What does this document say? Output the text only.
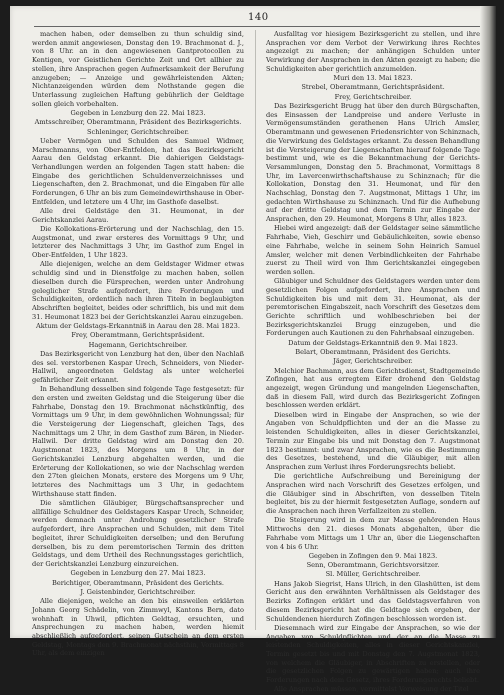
140

machen haben, oder demselben zu thun schuldig sind, werden anmit angewiesen, Donstag den 19. Brachmonat d. J., von 8 Uhr. an in den angewiesenen Gantprotocollen zu Kentigen, vor Geistlichen Gerichte Zeit und Ort allhier zu stellen, ihre Ansprachen gegen Aufmerksamkeit der Berufung anzugeben; — Anzeige und gewährleistenden Akten; Nichtanzeigenden würden dem Nothstande gegen die Unterlassung zugleichen Haftung gebührlich der Geldtage sollen gleich vorbehalten.

Gegeben in Lenzburg den 22. Mai 1823.

Amtsschreiber, Oberamtmann, Präsident des Bezirksgerichts.

Schleninger, Gerichtschreiber.

Ueber Vermögen und Schulden des Samuel Widmer, Marschmanns, von Ober-Entfelden, hat das Bezirksgericht Aarau den Geldstag erkannt. Die dahierigen Geldstags-Verhandlungen werden an folgenden Tagen statt haben: die Eingabe des gerichtlichen Schuldenverzeichnisses und Liegenschaften, den 2. Brachmonat, und die Eingaben für alle Forderungen, 6 Uhr an bis zum Gemeindewirthshause in Ober-Entfelden, und letztere um 4 Uhr, im Gasthofe daselbst.

Alle drei Geldstäge den 31. Heumonat, in der Gerichtskanzlei Aarau.

Die Kollokations-Erörterung und der Nachschlag, den 15. Augstmonat, und zwar ersteres des Vormittags 9 Uhr, und letzterer des Nachmittags 3 Uhr, im Gasthof zum Engel in Ober-Entfelden, 1 Uhr 1823.

Alle diejenigen, welche an dem Geldstager Widmer etwas schuldig sind und in Dienstfolge zu machen haben, sollen dieselben durch die Fürsprechen, werden unter Androhung geleglicher Strafe aufgefordert, ihre Forderungen und Schuldigkeiten, ordentlich nach ihren Titeln in beglaubigten Abschriften begleitet, beides oder schriftlich, bis und mit dem 31. Heumonat 1823 bei der Gerichtskanzlei Aarau einzugeben.

Aktum der Geldstags-Erkanntniß in Aarau den 28. Mai 1823.

Frey, Oberamtmann, Gerichtspräsident.

Hagemann, Gerichtschreiber.

Das Bezirksgericht von Lenzburg hat den, über den Nachlaß des sel. verstorbenen Kaspar Urech, Schneiders, von Nieder-Hallwil, angeordneten Geldstag als unter welcherlei gefährlicher Zeit erkannt.

In Behandlung desselben sind folgende Tage festgesetzt: für den ersten und zweiten Geldstag und die Steigerung über die Fahrhabe, Donstag den 19. Brachmonat nächstkünftig, des Vormittags um 9 Uhr, in dem gewöhnlichen Wohnungssal; für die Versteigerung der Liegenschaft, gleichen Tags, des Nachmittags um 2 Uhr, in dem Gasthof zum Bären, in Nieder-Hallwil. Der dritte Geldstag wird am Donstag den 20. Augstmonat 1823, des Morgens um 8 Uhr, in der Gerichtskanzlei Lenzburg abgehalten werden, und die Erörterung der Kollokationen, so wie der Nachschlag werden den 27ten gleichen Monats, erstere des Morgens um 9 Uhr, letzteres des Nachmittags um 3 Uhr, in gedachtem Wirthshause statt finden.

Die sämtlichen Gläubiger, Bürgschaftsansprecher und allfällige Schuldner des Geldstagers Kaspar Urech, Schneider, werden demnach unter Androhung gesetzlicher Strafe aufgefordert, ihre Ansprachen und Schulden, mit dem Titel begleitet, ihrer Schuldigkeiten derselben; und den Berufung derselben, bis zu dem peremtorischen Termin des dritten Geldstags, und dem Urtheil des Rechnungsstages gerichtlich, der Gerichtskanzlei Lenzburg einzureichen.

Gegeben in Lenzburg den 27. Mai 1823.

Berichtiger, Oberamtmann, Präsident des Gerichts.

J. Geistenbinder, Gerichtschreiber.

Alle diejenigen, welche an den bis einsweilen erklärten Johann Georg Schädelin, von Zimmwyl, Kantons Bern, dato wohnhaft in Uhwil, pflichten Geldtag, ersuchten, und Ansprechungen zu machen haben, werden hiemit abschließlich aufgefordert, seinen Gutschein an dem ersten Geldstag, Montags den 9. Brachmonat nächsthin, Vormittags 8 Uhr, als dem einzigen

Ausfalltag vor hiesigem Bezirksgericht zu stellen, und ihre Ansprachen vor dem Verbot der Verwirkung ihres Rechtes angezeigt zu machen; der anhängigen Schulden unter Verwirkung der Ansprachen in den Akten gezeigt zu haben; die Schuldigkeiten aber gerichtlich anzumelden.

Muri den 13. Mai 1823.

Strebel, Oberamtmann, Gerichtspräsident.

Frey, Gerichtschreiber.

Das Bezirksgericht Brugg hat über den durch Bürgschaften, des Einsassen der Landpreise und andere Verluste in Vermögensumständen gerathenen Hans Ulrich Amsler, Oberamtmann und gewesenen Friedensrichter von Schinznach, die Verwirkung des Geldstages erkannt. Zu dessen Behandlung ist die Versteigerung der Liegenschaften hierauf folgende Tage bestimmt und, wie es die Bekanntmachung der Gerichts-Versammlungen, Donstag den 5. Brachmonat, Vormittags 8 Uhr, im Lavercenwirthschaftshause zu Schinznach; für die Kollokation, Donstag den 31. Heumonat, und für den Nachschlag, Donstag den 7. Augstmonat, Mittags 1 Uhr, im gedachten Wirthshause zu Schinznach. Und für die Aufhebung auf der dritte Geldstag und dem Termin zur Eingabe der Ansprachen, den 29. Heumonat, Morgens 8 Uhr, alles 1823.

Hiebei wird angezeigt: daß der Geldstager seine sämmtliche Fahrhabe, Vieh, Geschirr und Gebäulichkeiten, sowie ebenso eine Fahrhabe, welche in seinem Sohn Heinrich Samuel Amsler, welcher mit denen Verbindlichkeiten der Fahrhabe zuerst zu Theil wird von Ihm Gerichtskanzlei eingegeben werden sollen.

Gläubiger und Schuldner des Geldstagers werden unter dem gesetzlichen Folgen aufgefordert, ihre Ansprachen und Schuldigkeiten bis und mit dem 31. Heumonat, als der peremtorischen Eingabszeit, nach Vorschrift des Gesetzes dem Gerichte schriftlich und wohlbeschrieben bei der Bezirksgerichtskanzlei Brugg einzugeben, und die Forderungen auch Kautionen zu den Fahrhabsaal einzugeben.

Datum der Geldstags-Erkanntniß den 9. Mai 1823.

Belart, Oberamtmann, Präsident des Gerichts.

Jäger, Gerichtschreiber.

Melchior Bachmann, aus dem Gerichtsdienst, Stadtgemeinde Zofingen, hat aus erregtem Eifer drohend den Geldstag angezeigt, wegen Gründung und mangelnden Liegenschaften, daß in diesem Fall, wird durch das Bezirksgericht Zofingen beschlossen werden erklärt.

Dieselben wird in Eingabe der Ansprachen, so wie der Angaben von Schuldpflichten und der an die Masse zu leistenden Schuldigkeiten, alles in dieser Gerichtskanzlei, Termin zur Eingabe bis und mit Donstag den 7. Augstmonat 1823 bestimmt: und zwar Ansprachen, wie es die Bestimmung des Gesetzes, bestehend, und die Gläubiger, mit allen Ansprachen zum Verlust ihres Forderungsrechts beliebt.

Die gerichtliche Aufschreibung und Bereinigung der Ansprachen wird nach Vorschrift des Gesetzes erfolgen, und die Gläubiger sind in Abschriften, von desselben Titeln begleitet, bis zu der hiermit festgesetzten Auflage, sondern auf die Ansprachen nach ihren Verfallzeiten zu stellen.

Die Steigerung wird in dem zur Masse gehörenden Haus Mittwochs den 21. dieses Monats abgehalten, über die Fahrhabe vom Mittags um 1 Uhr an, über die Liegenschaften von 4 bis 6 Uhr.

Gegeben in Zofingen den 9. Mai 1823.

Senn, Oberamtmann, Gerichtsvorsitzer.

Sl. Müller, Gerichtschreiber.

Hans Jakob Siegrist, Hans Ulrich, in den Glashütten, ist dem Gericht aus den erwähnten Verhältnissen als Geldstager des Bezirks Zofingen erklärt und das Geldstagsverfahren von diesem Bezirksgericht hat die Geldtage sich ergeben, der Schuldendenen hierdurch Zofingen beschlossen worden ist.

Diesemnach wird zur Eingabe der Ansprachen, so wie der Angaben von Schuldpflichten und der an die Masse zu leistenden Schuldigkeiten, alles in dieser Gerichtskanzlei, Termin gesetzt bis und mit Donstag den 7. Augstmonat 1823, von welchem die Gläubiger, in Abschriften zu erstellen, oder die gesetzlichen Folgen zu gewärtigen haben; auch ihre Forderungen nach dem Gesetz, ihres Forderungsrechts beliebt.

Alle Ansprachen müssen, vermittelst Vorweisung der Titel
